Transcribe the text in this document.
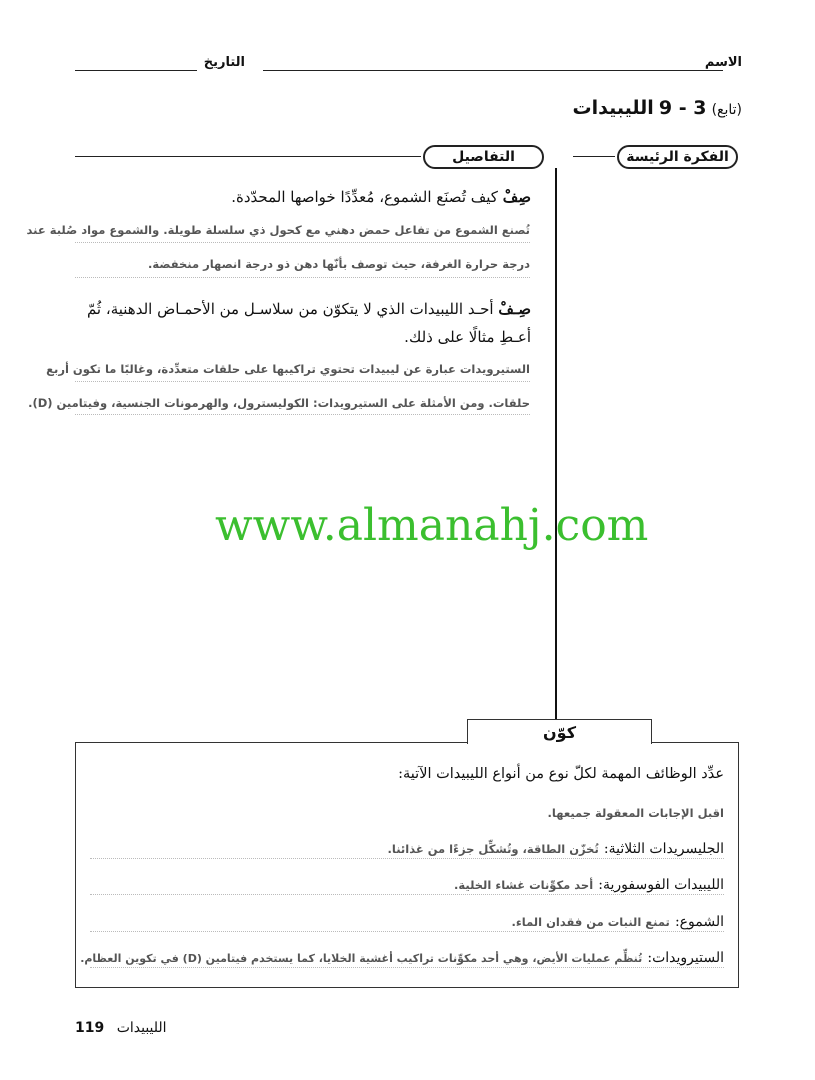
الاسم
التاريخ
(تابع) 3 - 9 الليبيدات
الفكرة الرئيسة
التفاصيل
صِفْ كيف تُصنَع الشموع، مُعدِّدًا خواصها المحدّدة.
تُصنع الشموع من تفاعل حمض دهني مع كحول ذي سلسلة طويلة. والشموع مواد صُلبة عند
درجة حرارة الغرفة، حيث توصف بأنّها دهن ذو درجة انصهار منخفضة.
صِـفْ أحـد الليبيدات الذي لا يتكوّن من سلاسـل من الأحمـاض الدهنية، ثُمّ أعـطِ مثالًا على ذلك.
الستيرويدات عبارة عن ليبيدات تحتوي تراكيبها على حلقات متعدِّدة، وغالبًا ما تكون أربع
حلقات. ومن الأمثلة على الستيرويدات: الكوليسترول، والهرمونات الجنسية، وفيتامين (D).
www.almanahj.com
كوّن
عدِّد الوظائف المهمة لكلّ نوع من أنواع الليبيدات الآتية:
اقبل الإجابات المعقولة جميعها.
الجليسريدات الثلاثية: تُخزّن الطاقة، وتُشكِّل جزءًا من غذائنا.
الليبيدات الفوسفورية: أحد مكوِّنات غشاء الخلية.
الشموع: تمنع النبات من فقدان الماء.
الستيرويدات: تُنظِّم عمليات الأيض، وهي أحد مكوِّنات تراكيب أغشية الخلايا، كما يستخدم فيتامين (D) في تكوين العظام.
119 الليبيدات
